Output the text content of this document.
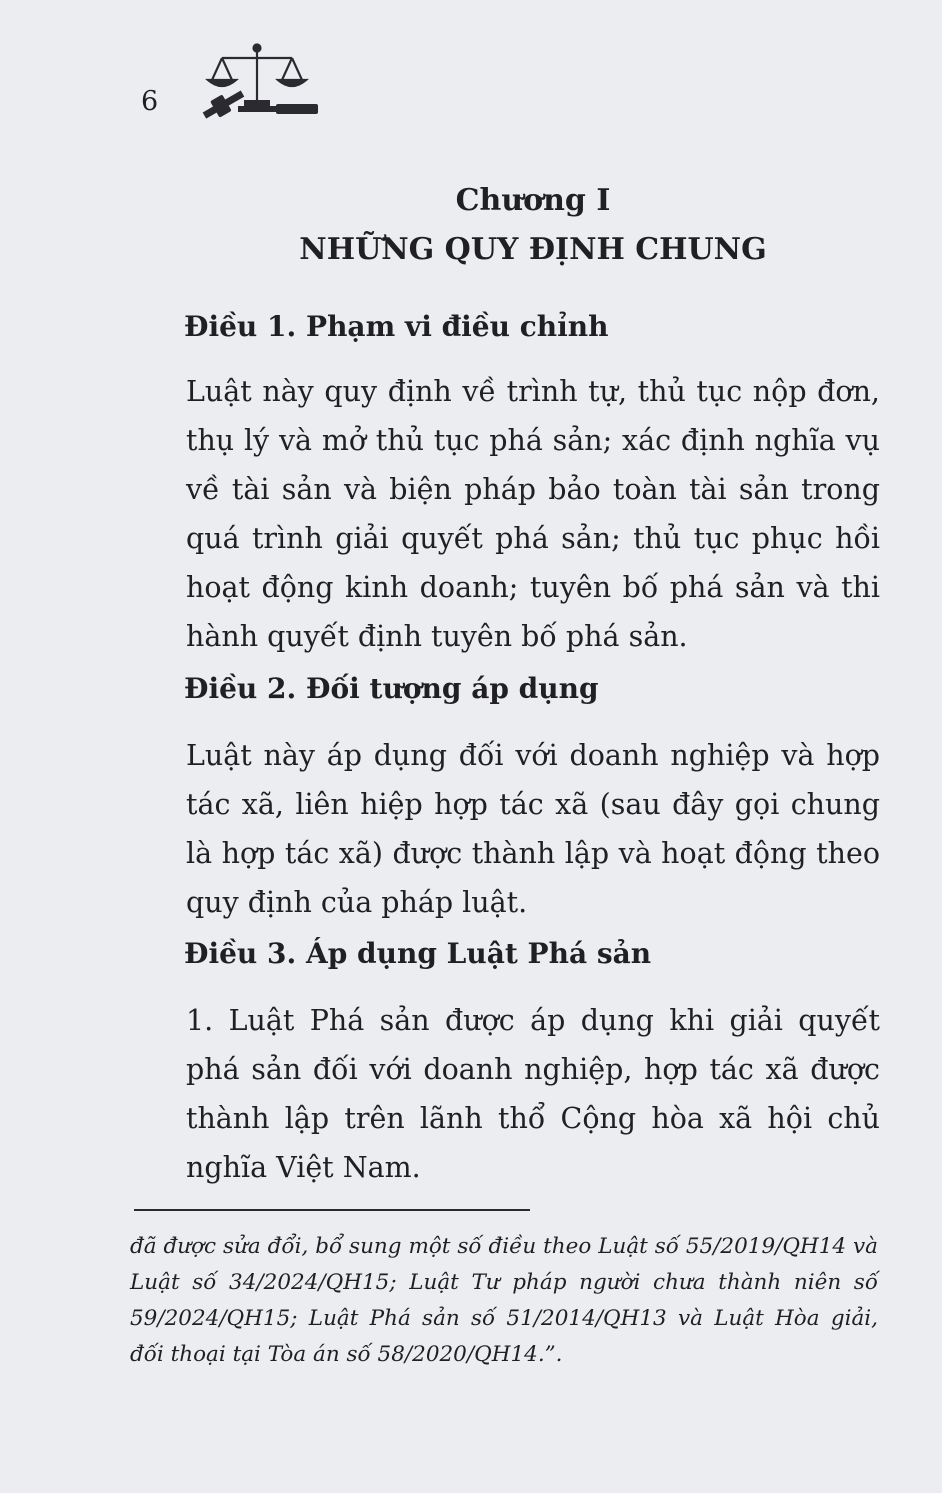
6
Chương I
NHỮNG QUY ĐỊNH CHUNG
Điều 1. Phạm vi điều chỉnh
Luật này quy định về trình tự, thủ tục nộp đơn, thụ lý và mở thủ tục phá sản; xác định nghĩa vụ về tài sản và biện pháp bảo toàn tài sản trong quá trình giải quyết phá sản; thủ tục phục hồi hoạt động kinh doanh; tuyên bố phá sản và thi hành quyết định tuyên bố phá sản.
Điều 2. Đối tượng áp dụng
Luật này áp dụng đối với doanh nghiệp và hợp tác xã, liên hiệp hợp tác xã (sau đây gọi chung là hợp tác xã) được thành lập và hoạt động theo quy định của pháp luật.
Điều 3. Áp dụng Luật Phá sản
1. Luật Phá sản được áp dụng khi giải quyết phá sản đối với doanh nghiệp, hợp tác xã được thành lập trên lãnh thổ Cộng hòa xã hội chủ nghĩa Việt Nam.
đã được sửa đổi, bổ sung một số điều theo Luật số 55/2019/QH14 và Luật số 34/2024/QH15; Luật Tư pháp người chưa thành niên số 59/2024/QH15; Luật Phá sản số 51/2014/QH13 và Luật Hòa giải, đối thoại tại Tòa án số 58/2020/QH14.”.
